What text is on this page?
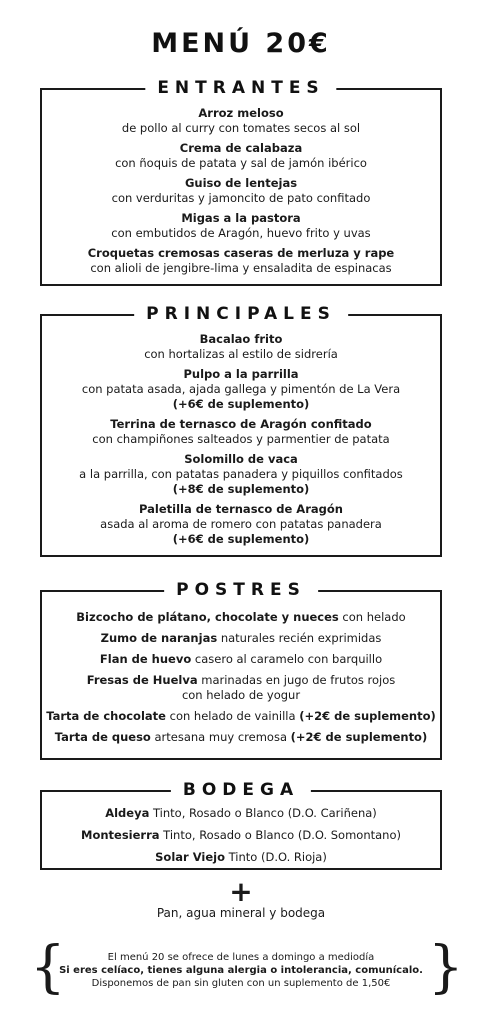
MENÚ 20€
ENTRANTES
Arroz meloso
de pollo al curry con tomates secos al sol
Crema de calabaza
con ñoquis de patata y sal de jamón ibérico
Guiso de lentejas
con verduritas y jamoncito de pato confitado
Migas a la pastora
con embutidos de Aragón, huevo frito y uvas
Croquetas cremosas caseras de merluza y rape
con alioli de jengibre-lima y ensaladita de espinacas
PRINCIPALES
Bacalao frito
con hortalizas al estilo de sidrería
Pulpo a la parrilla
con patata asada, ajada gallega y pimentón de La Vera
(+6€ de suplemento)
Terrina de ternasco de Aragón confitado
con champiñones salteados y parmentier de patata
Solomillo de vaca
a la parrilla, con patatas panadera y piquillos confitados
(+8€ de suplemento)
Paletilla de ternasco de Aragón
asada al aroma de romero con patatas panadera
(+6€ de suplemento)
POSTRES
Bizcocho de plátano, chocolate y nueces con helado
Zumo de naranjas naturales recién exprimidas
Flan de huevo casero al caramelo con barquillo
Fresas de Huelva marinadas en jugo de frutos rojos
con helado de yogur
Tarta de chocolate con helado de vainilla (+2€ de suplemento)
Tarta de queso artesana muy cremosa (+2€ de suplemento)
BODEGA
Aldeya Tinto, Rosado o Blanco (D.O. Cariñena)
Montesierra Tinto, Rosado o Blanco (D.O. Somontano)
Solar Viejo Tinto (D.O. Rioja)
+
Pan, agua mineral y bodega
{	}
El menú 20 se ofrece de lunes a domingo a mediodía
Si eres celíaco, tienes alguna alergia o intolerancia, comunícalo.
Disponemos de pan sin gluten con un suplemento de 1,50€
